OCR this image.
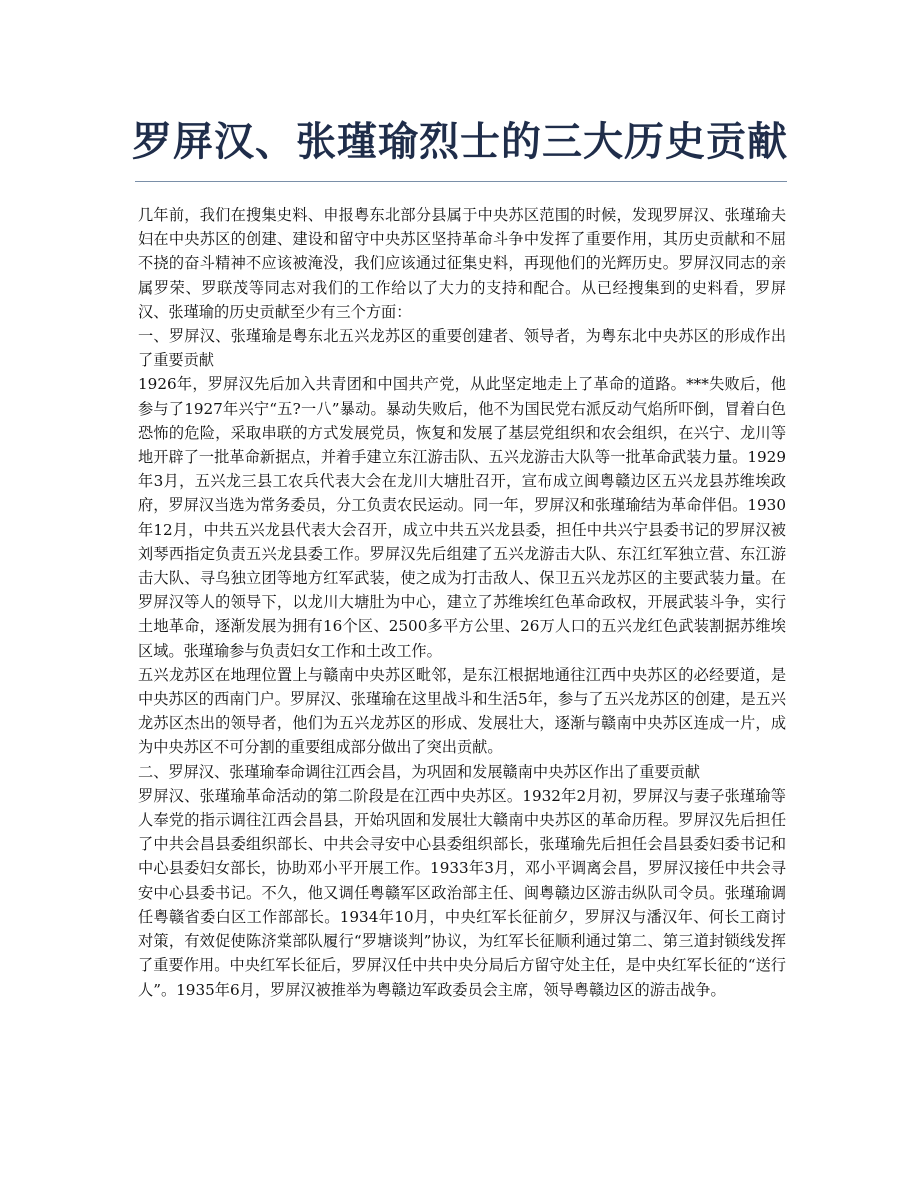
罗屏汉、张瑾瑜烈士的三大历史贡献

几年前，我们在搜集史料、申报粤东北部分县属于中央苏区范围的时候，发现罗屏汉、张瑾瑜夫妇在中央苏区的创建、建设和留守中央苏区坚持革命斗争中发挥了重要作用，其历史贡献和不屈不挠的奋斗精神不应该被淹没，我们应该通过征集史料，再现他们的光辉历史。罗屏汉同志的亲属罗荣、罗联茂等同志对我们的工作给以了大力的支持和配合。从已经搜集到的史料看，罗屏汉、张瑾瑜的历史贡献至少有三个方面：

一、罗屏汉、张瑾瑜是粤东北五兴龙苏区的重要创建者、领导者，为粤东北中央苏区的形成作出了重要贡献

1926年，罗屏汉先后加入共青团和中国共产党，从此坚定地走上了革命的道路。***失败后，他参与了1927年兴宁“五?一八”暴动。暴动失败后，他不为国民党右派反动气焰所吓倒，冒着白色恐怖的危险，采取串联的方式发展党员，恢复和发展了基层党组织和农会组织，在兴宁、龙川等地开辟了一批革命新据点，并着手建立东江游击队、五兴龙游击大队等一批革命武装力量。1929年3月，五兴龙三县工农兵代表大会在龙川大塘肚召开，宣布成立闽粤赣边区五兴龙县苏维埃政府，罗屏汉当选为常务委员，分工负责农民运动。同一年，罗屏汉和张瑾瑜结为革命伴侣。1930年12月，中共五兴龙县代表大会召开，成立中共五兴龙县委，担任中共兴宁县委书记的罗屏汉被刘琴西指定负责五兴龙县委工作。罗屏汉先后组建了五兴龙游击大队、东江红军独立营、东江游击大队、寻乌独立团等地方红军武装，使之成为打击敌人、保卫五兴龙苏区的主要武装力量。在罗屏汉等人的领导下，以龙川大塘肚为中心，建立了苏维埃红色革命政权，开展武装斗争，实行土地革命，逐渐发展为拥有16个区、2500多平方公里、26万人口的五兴龙红色武装割据苏维埃区域。张瑾瑜参与负责妇女工作和土改工作。

五兴龙苏区在地理位置上与赣南中央苏区毗邻，是东江根据地通往江西中央苏区的必经要道，是中央苏区的西南门户。罗屏汉、张瑾瑜在这里战斗和生活5年，参与了五兴龙苏区的创建，是五兴龙苏区杰出的领导者，他们为五兴龙苏区的形成、发展壮大，逐渐与赣南中央苏区连成一片，成为中央苏区不可分割的重要组成部分做出了突出贡献。

二、罗屏汉、张瑾瑜奉命调往江西会昌，为巩固和发展赣南中央苏区作出了重要贡献

罗屏汉、张瑾瑜革命活动的第二阶段是在江西中央苏区。1932年2月初，罗屏汉与妻子张瑾瑜等人奉党的指示调往江西会昌县，开始巩固和发展壮大赣南中央苏区的革命历程。罗屏汉先后担任了中共会昌县委组织部长、中共会寻安中心县委组织部长，张瑾瑜先后担任会昌县委妇委书记和中心县委妇女部长，协助邓小平开展工作。1933年3月，邓小平调离会昌，罗屏汉接任中共会寻安中心县委书记。不久，他又调任粤赣军区政治部主任、闽粤赣边区游击纵队司令员。张瑾瑜调任粤赣省委白区工作部部长。1934年10月，中央红军长征前夕，罗屏汉与潘汉年、何长工商讨对策，有效促使陈济棠部队履行“罗塘谈判”协议，为红军长征顺利通过第二、第三道封锁线发挥了重要作用。中央红军长征后，罗屏汉任中共中央分局后方留守处主任，是中央红军长征的“送行人”。1935年6月，罗屏汉被推举为粤赣边军政委员会主席，领导粤赣边区的游击战争。
